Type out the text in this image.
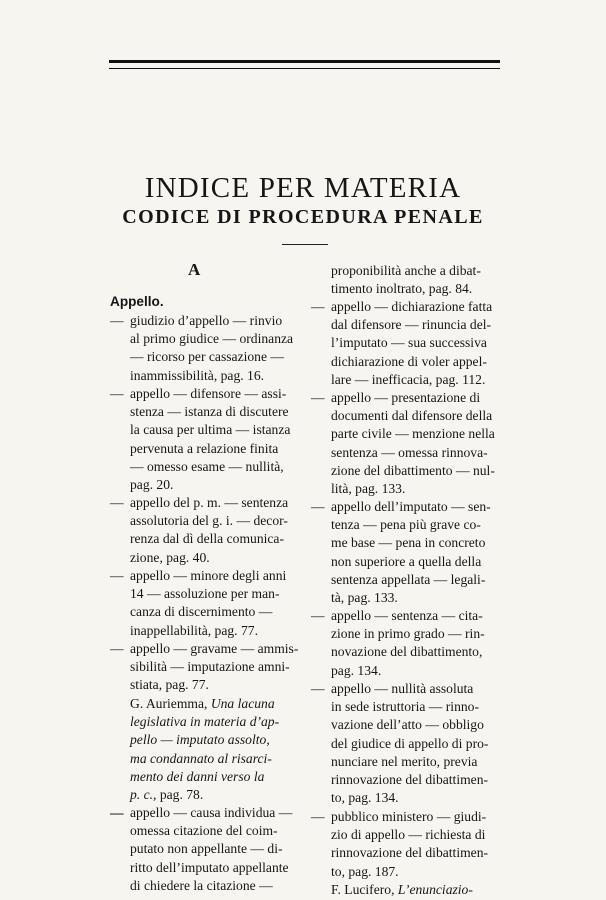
INDICE PER MATERIA
CODICE DI PROCEDURA PENALE
A
Appello.
— giudizio d’appello — rinvio
al primo giudice — ordinanza
— ricorso per cassazione —
inammissibilità, pag. 16.
— appello — difensore — assi-
stenza — istanza di discutere
la causa per ultima — istanza
pervenuta a relazione finita
— omesso esame — nullità,
pag. 20.
— appello del p. m. — sentenza
assolutoria del g. i. — decor-
renza dal dì della comunica-
zione, pag. 40.
— appello — minore degli anni
14 — assoluzione per man-
canza di discernimento —
inappellabilità, pag. 77.
— appello — gravame — ammis-
sibilità — imputazione amni-
stiata, pag. 77.
G. Auriemma, Una lacuna
legislativa in materia d’ap-
pello — imputato assolto,
ma condannato al risarci-
mento dei danni verso la
p. c., pag. 78.
— appello — causa individua —
omessa citazione del coim-
putato non appellante — di-
ritto dell’imputato appellante
di chiedere la citazione —
proponibilità anche a dibat-
timento inoltrato, pag. 84.
— appello — dichiarazione fatta
dal difensore — rinuncia del-
l’imputato — sua successiva
dichiarazione di voler appel-
lare — inefficacia, pag. 112.
— appello — presentazione di
documenti dal difensore della
parte civile — menzione nella
sentenza — omessa rinnova-
zione del dibattimento — nul-
lità, pag. 133.
— appello dell’imputato — sen-
tenza — pena più grave co-
me base — pena in concreto
non superiore a quella della
sentenza appellata — legali-
tà, pag. 133.
— appello — sentenza — cita-
zione in primo grado — rin-
novazione del dibattimento,
pag. 134.
— appello — nullità assoluta
in sede istruttoria — rinno-
vazione dell’atto — obbligo
del giudice di appello di pro-
nunciare nel merito, previa
rinnovazione del dibattimen-
to, pag. 134.
— pubblico ministero — giudi-
zio di appello — richiesta di
rinnovazione del dibattimen-
to, pag. 187.
F. Lucifero, L’enunciazio-
